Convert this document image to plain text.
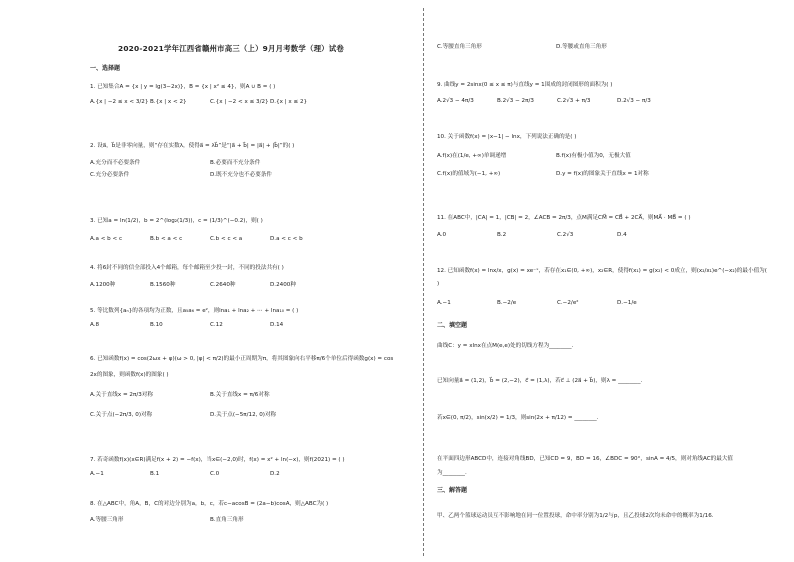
2020-2021学年江西省赣州市高三（上）9月月考数学（理）试卷
一、选择题
1. 已知集合A = {x | y = lg(3−2x)}，B = {x | x² ≤ 4}，则A ∪ B = ( )
A.{x | −2 ≤ x < 3/2} B.{x | x < 2}	C.{x | −2 < x ≤ 3/2} D.{x | x ≤ 2}
2. 设a⃗，b⃗是非零向量，则“存在实数λ，使得a⃗ = λb⃗”是“|a⃗ + b⃗| = |a⃗| + |b⃗|”的( )
A.充分而不必要条件	B.必要而不充分条件
C.充分必要条件	D.既不充分也不必要条件
3. 已知a = ln(1/2)，b = 2^(log₂(1/3))，c = (1/3)^(−0.2)，则( )
A.a < b < c	B.b < a < c	C.b < c < a	D.a < c < b
4. 将6封不同的信全部投入4个邮箱，每个邮箱至少投一封，不同的投法共有( )
A.1200种	B.1560种	C.2640种	D.2400种
5. 等比数列{aₙ}的各项均为正数，且a₅a₆ = e²，则lna₁ + lna₂ + ⋯ + lna₁₀ = ( )
A.8	B.10	C.12	D.14
6. 已知函数f(x) = cos(2ωx + φ)(ω > 0, |φ| < π/2)的最小正周期为π，将其图象向右平移π/6个单位后得函数g(x) = cos
2x的图象，则函数f(x)的图象( )
A.关于直线x = 2π/3对称	B.关于直线x = π/6对称
C.关于点(−2π/3, 0)对称	D.关于点(−5π/12, 0)对称
7. 若奇函数f(x)(x∈R)满足f(x + 2) = −f(x)，当x∈(−2,0)时，f(x) = x² + ln(−x)，则f(2021) = ( )
A.−1	B.1	C.0	D.2
8. 在△ABC中，角A，B，C的对边分别为a，b，c，若c−acosB = (2a−b)cosA，则△ABC为( )
A.等腰三角形	B.直角三角形
C.等腰直角三角形	D.等腰或直角三角形
9. 曲线y = 2sinx(0 ≤ x ≤ π)与直线y = 1围成的封闭图形的面积为( )
A.2√3 − 4π/3	B.2√3 − 2π/3	C.2√3 + π/3	D.2√3 − π/3
10. 关于函数f(x) = |x−1| − lnx，下列说法正确的是( )
A.f(x)在(1/e, +∞)单调递增	B.f(x)有极小值为0，无极大值
C.f(x)的值域为(−1, +∞)	D.y = f(x)的图象关于直线x = 1对称
11. 在ABC中，|CA| = 1，|CB| = 2，∠ACB = 2π/3，点M满足CM⃗ = CB⃗ + 2CA⃗，则MA⃗ · MB⃗ = ( )
A.0	B.2	C.2√3	D.4
12. 已知函数f(x) = lnx/x，g(x) = xe⁻ˣ，若存在x₁∈(0, +∞)，x₂∈R，使得f(x₁) = g(x₂) < 0成立，则(x₂/x₁)e^(−x₂)的最小值为(
)
A.−1	B.−2/e	C.−2/e²	D.−1/e
二、填空题
曲线C：y = xlnx在点M(e,e)处的切线方程为________.
已知向量a⃗ = (1,2)，b⃗ = (2,−2)，c⃗ = (1,λ)，若c⃗ ⊥ (2a⃗ + b⃗)，则λ = ________.
若x∈(0, π/2)，sin(x/2) = 1/3，则sin(2x + π/12) = ________.
在平面四边形ABCD中，连接对角线BD，已知CD = 9，BD = 16，∠BDC = 90°，sinA = 4/5，则对角线AC的最大值
为________.
三、解答题
甲、乙两个篮球运动员互不影响地在同一位置投球，命中率分别为1/2与p，且乙投球2次均未命中的概率为1/16.
